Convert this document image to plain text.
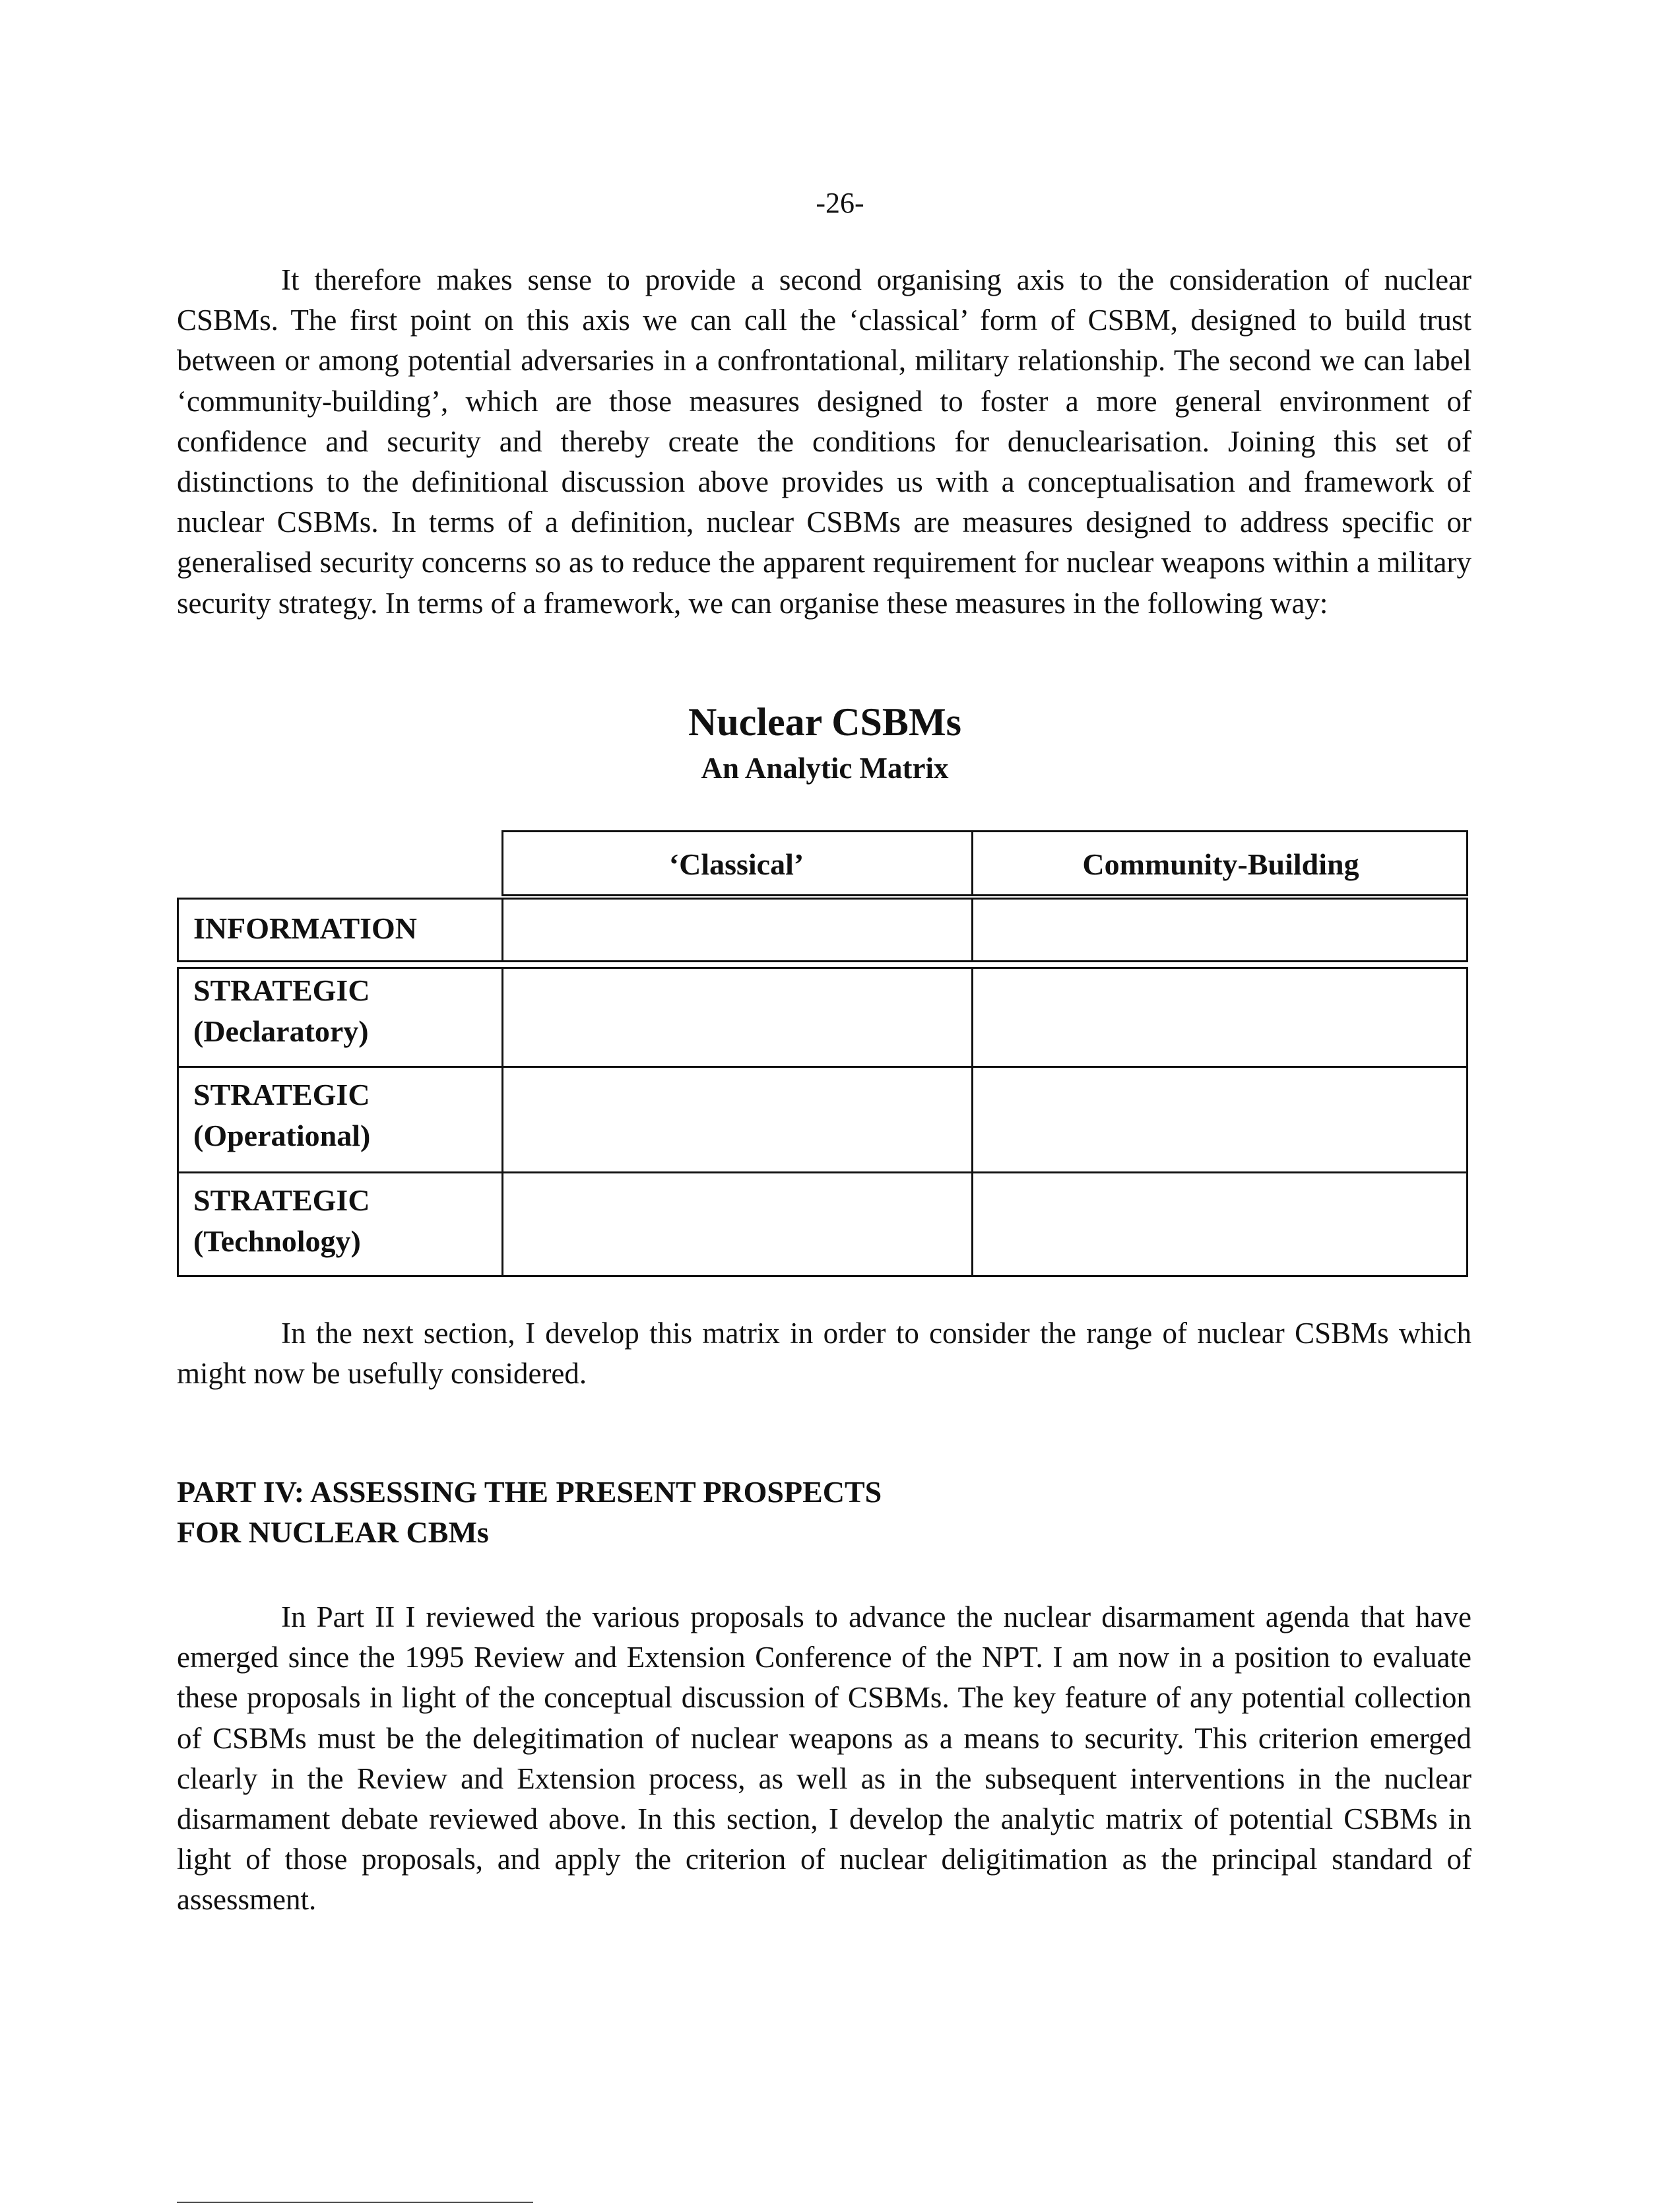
-26-

It therefore makes sense to provide a second organising axis to the consideration of nuclear CSBMs. The first point on this axis we can call the ‘classical’ form of CSBM, designed to build trust between or among potential adversaries in a confrontational, military relationship. The second we can label ‘community-building’, which are those measures designed to foster a more general environment of confidence and security and thereby create the conditions for denuclearisation. Joining this set of distinctions to the definitional discussion above provides us with a conceptualisation and framework of nuclear CSBMs. In terms of a definition, nuclear CSBMs are measures designed to address specific or generalised security concerns so as to reduce the apparent requirement for nuclear weapons within a military security strategy. In terms of a framework, we can organise these measures in the following way:

Nuclear CSBMs
An Analytic Matrix
‘Classical’	Community-Building
INFORMATION
STRATEGIC
(Declaratory)
STRATEGIC
(Operational)
STRATEGIC
(Technology)

In the next section, I develop this matrix in order to consider the range of nuclear CSBMs which might now be usefully considered.

PART IV: ASSESSING THE PRESENT PROSPECTS
FOR NUCLEAR CBMs

In Part II I reviewed the various proposals to advance the nuclear disarmament agenda that have emerged since the 1995 Review and Extension Conference of the NPT. I am now in a position to evaluate these proposals in light of the conceptual discussion of CSBMs. The key feature of any potential collection of CSBMs must be the delegitimation of nuclear weapons as a means to security. This criterion emerged clearly in the Review and Extension process, as well as in the subsequent interventions in the nuclear disarmament debate reviewed above. In this section, I develop the analytic matrix of potential CSBMs in light of those proposals, and apply the criterion of nuclear deligitimation as the principal standard of assessment.
